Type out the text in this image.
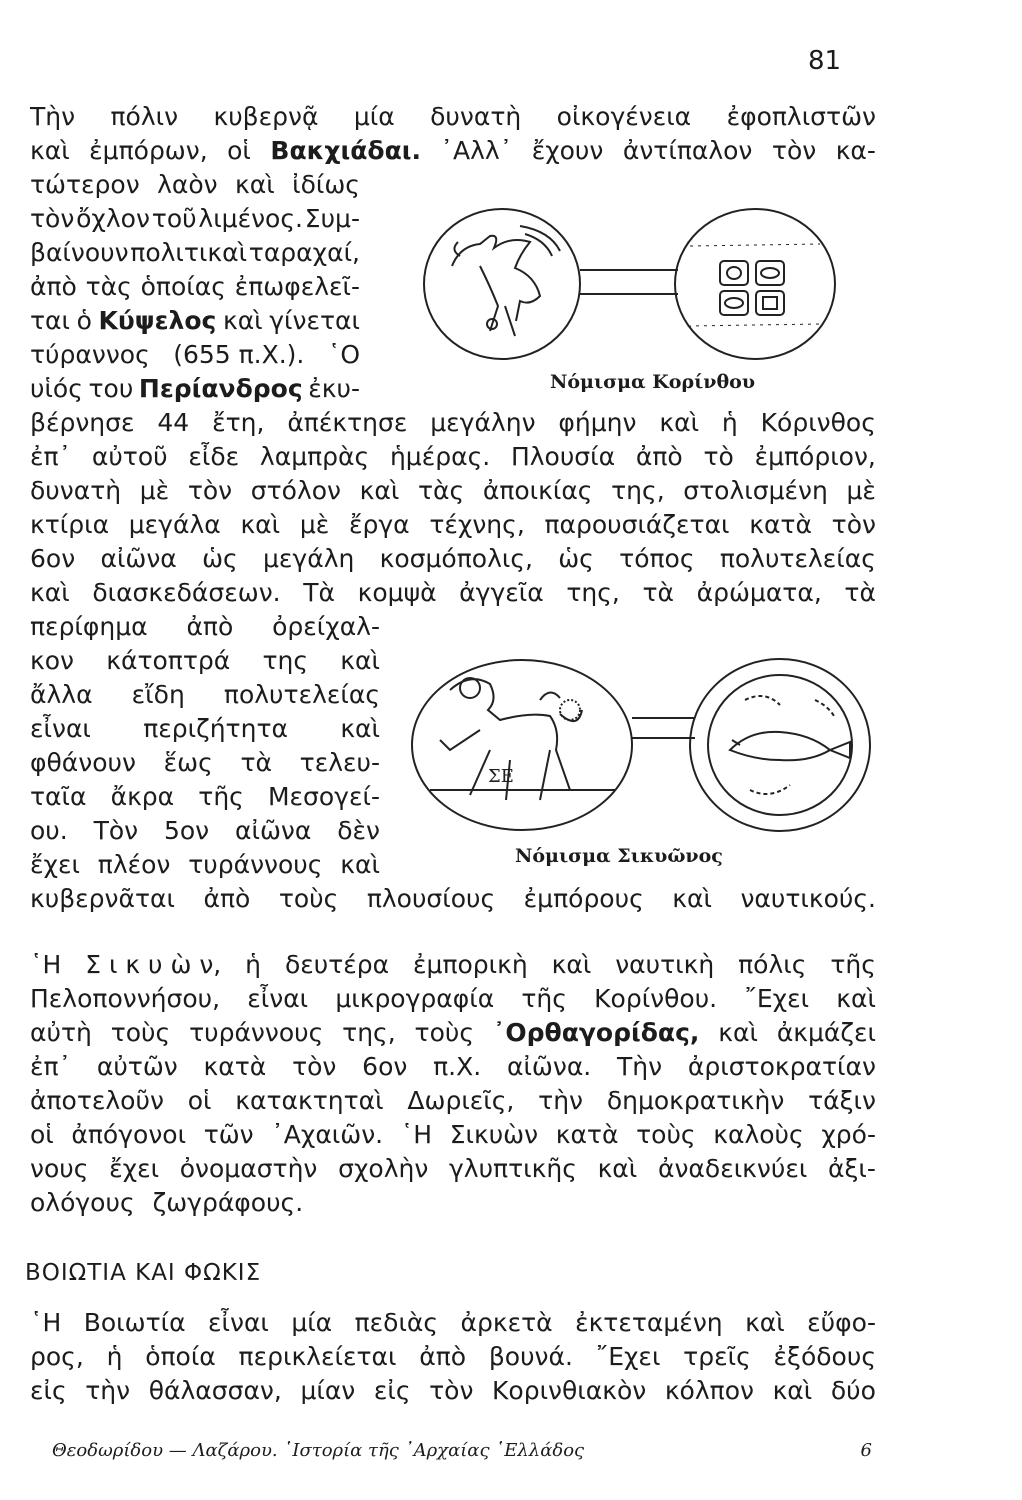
81
Τὴν πόλιν κυβερνᾷ μία δυνατὴ οἰκογένεια ἐφοπλιστῶν
καὶ ἐμπόρων, οἱ Βακχιάδαι. ᾿Αλλ᾿ ἔχουν ἀντίπαλον τὸν κα-
τώτερον λαὸν καὶ ἰδίως
τὸν ὄχλον τοῦ λιμένος. Συμ-
βαίνουν πολιτικαὶ ταραχαί,
ἀπὸ τὰς ὁποίας ἐπωφελεῖ-
ται ὁ Κύψελος καὶ γίνεται
τύραννος (655 π.Χ.). ῾Ο
υἱός του Περίανδρος ἐκυ-
βέρνησε 44 ἔτη, ἀπέκτησε μεγάλην φήμην καὶ ἡ Κόρινθος
ἐπ᾿ αὐτοῦ εἶδε λαμπρὰς ἡμέρας. Πλουσία ἀπὸ τὸ ἐμπόριον,
δυνατὴ μὲ τὸν στόλον καὶ τὰς ἀποικίας της, στολισμένη μὲ
κτίρια μεγάλα καὶ μὲ ἔργα τέχνης, παρουσιάζεται κατὰ τὸν
6ον αἰῶνα ὡς μεγάλη κοσμόπολις, ὡς τόπος πολυτελείας
καὶ διασκεδάσεων. Τὰ κομψὰ ἀγγεῖα της, τὰ ἀρώματα, τὰ
περίφημα ἀπὸ ὀρείχαλ-
κον κάτοπτρά της καὶ
ἄλλα εἴδη πολυτελείας
εἶναι περιζήτητα καὶ
φθάνουν ἕως τὰ τελευ-
ταῖα ἄκρα τῆς Μεσογεί-
ου. Τὸν 5ον αἰῶνα δὲν
ἔχει πλέον τυράννους καὶ
κυβερνᾶται ἀπὸ τοὺς πλουσίους ἐμπόρους καὶ ναυτικούς.
Νόμισμα Κορίνθου
ΣΕ
Νόμισμα Σικυῶνος
῾Η Σ ι κ υ ὼ ν, ἡ δευτέρα ἐμπορικὴ καὶ ναυτικὴ πόλις τῆς
Πελοποννήσου, εἶναι μικρογραφία τῆς Κορίνθου. ῎Εχει καὶ
αὐτὴ τοὺς τυράννους της, τοὺς ᾿Ορθαγορίδας, καὶ ἀκμάζει
ἐπ᾿ αὐτῶν κατὰ τὸν 6ον π.Χ. αἰῶνα. Τὴν ἀριστοκρατίαν
ἀποτελοῦν οἱ κατακτηταὶ Δωριεῖς, τὴν δημοκρατικὴν τάξιν
οἱ ἀπόγονοι τῶν ᾿Αχαιῶν. ῾Η Σικυὼν κατὰ τοὺς καλοὺς χρό-
νους ἔχει ὀνομαστὴν σχολὴν γλυπτικῆς καὶ ἀναδεικνύει ἀξι-
ολόγους ζωγράφους.
ΒΟΙΩΤΙΑ ΚΑΙ ΦΩΚΙΣ
῾Η Βοιωτία εἶναι μία πεδιὰς ἀρκετὰ ἐκτεταμένη καὶ εὔφο-
ρος, ἡ ὁποία περικλείεται ἀπὸ βουνά. ῎Εχει τρεῖς ἐξόδους
εἰς τὴν θάλασσαν, μίαν εἰς τὸν Κορινθιακὸν κόλπον καὶ δύο
Θεοδωρίδου — Λαζάρου. ῾Ιστορία τῆς ᾿Αρχαίας ῾Ελλάδος	6
